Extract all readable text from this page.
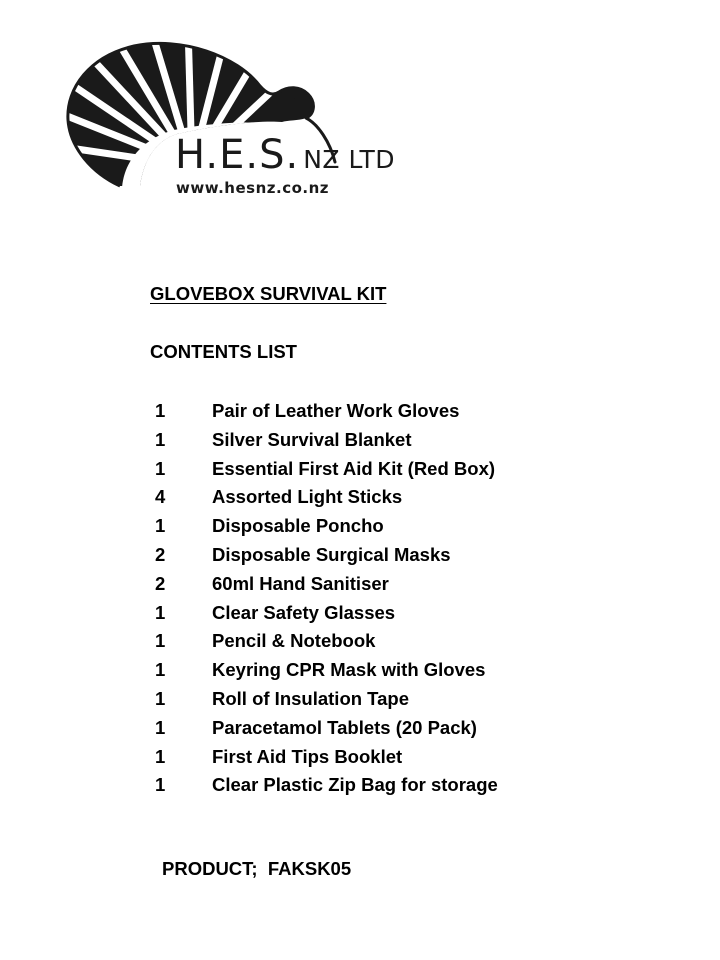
H.E.S. NZ LTD
www.hesnz.co.nz
GLOVEBOX SURVIVAL KIT
CONTENTS LIST
1	Pair of Leather Work Gloves
1	Silver Survival Blanket
1	Essential First Aid Kit (Red Box)
4	Assorted Light Sticks
1	Disposable Poncho
2	Disposable Surgical Masks
2	60ml Hand Sanitiser
1	Clear Safety Glasses
1	Pencil & Notebook
1	Keyring CPR Mask with Gloves
1	Roll of Insulation Tape
1	Paracetamol Tablets (20 Pack)
1	First Aid Tips Booklet
1	Clear Plastic Zip Bag for storage
PRODUCT;  FAKSK05
